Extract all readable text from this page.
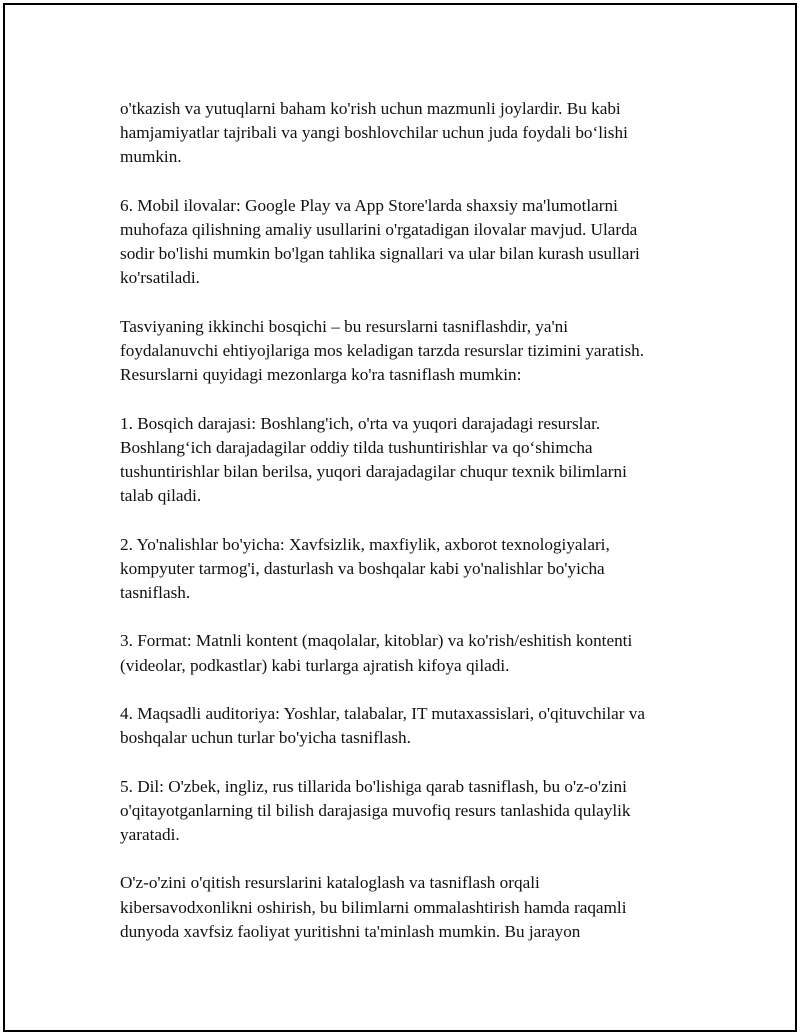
o'tkazish va yutuqlarni baham ko'rish uchun mazmunli joylardir. Bu kabi
hamjamiyatlar tajribali va yangi boshlovchilar uchun juda foydali boʻlishi
mumkin.

6. Mobil ilovalar: Google Play va App Store'larda shaxsiy ma'lumotlarni
muhofaza qilishning amaliy usullarini o'rgatadigan ilovalar mavjud. Ularda
sodir bo'lishi mumkin bo'lgan tahlika signallari va ular bilan kurash usullari
ko'rsatiladi.

Tasviyaning ikkinchi bosqichi – bu resurslarni tasniflashdir, ya'ni
foydalanuvchi ehtiyojlariga mos keladigan tarzda resurslar tizimini yaratish.
Resurslarni quyidagi mezonlarga ko'ra tasniflash mumkin:

1. Bosqich darajasi: Boshlang'ich, o'rta va yuqori darajadagi resurslar.
Boshlangʻich darajadagilar oddiy tilda tushuntirishlar va qoʻshimcha
tushuntirishlar bilan berilsa, yuqori darajadagilar chuqur texnik bilimlarni
talab qiladi.

2. Yo'nalishlar bo'yicha: Xavfsizlik, maxfiylik, axborot texnologiyalari,
kompyuter tarmog'i, dasturlash va boshqalar kabi yo'nalishlar bo'yicha
tasniflash.

3. Format: Matnli kontent (maqolalar, kitoblar) va ko'rish/eshitish kontenti
(videolar, podkastlar) kabi turlarga ajratish kifoya qiladi.

4. Maqsadli auditoriya: Yoshlar, talabalar, IT mutaxassislari, o'qituvchilar va
boshqalar uchun turlar bo'yicha tasniflash.

5. Dil: O'zbek, ingliz, rus tillarida bo'lishiga qarab tasniflash, bu o'z-o'zini
o'qitayotganlarning til bilish darajasiga muvofiq resurs tanlashida qulaylik
yaratadi.

O'z-o'zini o'qitish resurslarini kataloglash va tasniflash orqali
kibersavodxonlikni oshirish, bu bilimlarni ommalashtirish hamda raqamli
dunyoda xavfsiz faoliyat yuritishni ta'minlash mumkin. Bu jarayon
